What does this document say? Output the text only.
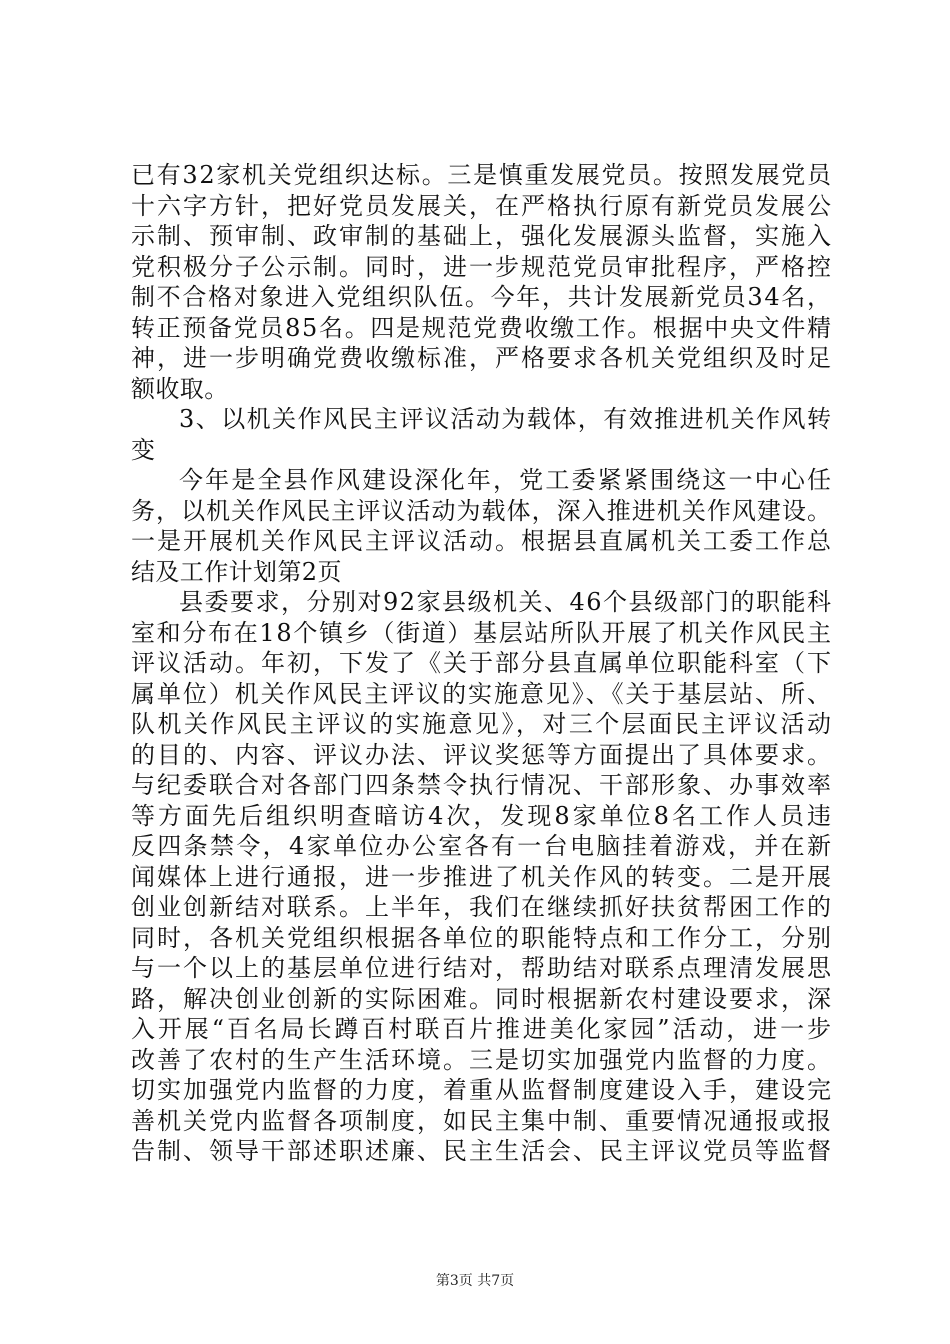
已有32家机关党组织达标。三是慎重发展党员。按照发展党员
十六字方针，把好党员发展关，在严格执行原有新党员发展公
示制、预审制、政审制的基础上，强化发展源头监督，实施入
党积极分子公示制。同时，进一步规范党员审批程序，严格控
制不合格对象进入党组织队伍。今年，共计发展新党员34名，
转正预备党员85名。四是规范党费收缴工作。根据中央文件精
神，进一步明确党费收缴标准，严格要求各机关党组织及时足
额收取。
3、以机关作风民主评议活动为载体，有效推进机关作风转
变
今年是全县作风建设深化年，党工委紧紧围绕这一中心任
务，以机关作风民主评议活动为载体，深入推进机关作风建设。
一是开展机关作风民主评议活动。根据县直属机关工委工作总
结及工作计划第2页
县委要求，分别对92家县级机关、46个县级部门的职能科
室和分布在18个镇乡（街道）基层站所队开展了机关作风民主
评议活动。年初，下发了《关于部分县直属单位职能科室（下
属单位）机关作风民主评议的实施意见》、《关于基层站、所、
队机关作风民主评议的实施意见》，对三个层面民主评议活动
的目的、内容、评议办法、评议奖惩等方面提出了具体要求。
与纪委联合对各部门四条禁令执行情况、干部形象、办事效率
等方面先后组织明查暗访4次，发现8家单位8名工作人员违
反四条禁令，4家单位办公室各有一台电脑挂着游戏，并在新
闻媒体上进行通报，进一步推进了机关作风的转变。二是开展
创业创新结对联系。上半年，我们在继续抓好扶贫帮困工作的
同时，各机关党组织根据各单位的职能特点和工作分工，分别
与一个以上的基层单位进行结对，帮助结对联系点理清发展思
路，解决创业创新的实际困难。同时根据新农村建设要求，深
入开展“百名局长蹲百村联百片推进美化家园”活动，进一步
改善了农村的生产生活环境。三是切实加强党内监督的力度。
切实加强党内监督的力度，着重从监督制度建设入手，建设完
善机关党内监督各项制度，如民主集中制、重要情况通报或报
告制、领导干部述职述廉、民主生活会、民主评议党员等监督
第3页 共7页
